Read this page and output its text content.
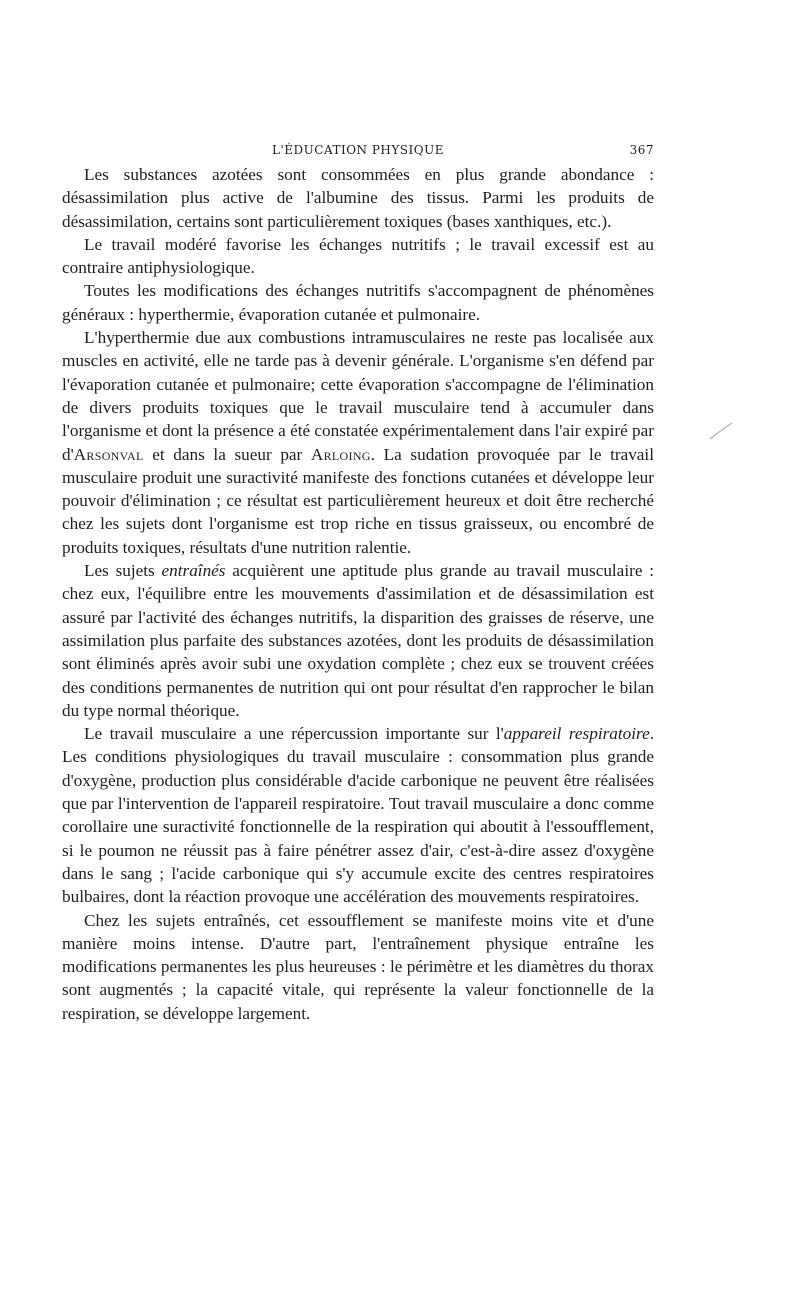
L'ÉDUCATION PHYSIQUE	367

Les substances azotées sont consommées en plus grande abondance : désassimilation plus active de l'albumine des tissus. Parmi les produits de désassimilation, certains sont particulièrement toxiques (bases xanthiques, etc.).

Le travail modéré favorise les échanges nutritifs ; le travail excessif est au contraire antiphysiologique.

Toutes les modifications des échanges nutritifs s'accompagnent de phénomènes généraux : hyperthermie, évaporation cutanée et pulmonaire.

L'hyperthermie due aux combustions intramusculaires ne reste pas localisée aux muscles en activité, elle ne tarde pas à devenir générale. L'organisme s'en défend par l'évaporation cutanée et pulmonaire; cette évaporation s'accompagne de l'élimination de divers produits toxiques que le travail musculaire tend à accumuler dans l'organisme et dont la présence a été constatée expérimentalement dans l'air expiré par d'Arsonval et dans la sueur par Arloing. La sudation provoquée par le travail musculaire produit une suractivité manifeste des fonctions cutanées et développe leur pouvoir d'élimination ; ce résultat est particulièrement heureux et doit être recherché chez les sujets dont l'organisme est trop riche en tissus graisseux, ou encombré de produits toxiques, résultats d'une nutrition ralentie.

Les sujets entraînés acquièrent une aptitude plus grande au travail musculaire : chez eux, l'équilibre entre les mouvements d'assimilation et de désassimilation est assuré par l'activité des échanges nutritifs, la disparition des graisses de réserve, une assimilation plus parfaite des substances azotées, dont les produits de désassimilation sont éliminés après avoir subi une oxydation complète ; chez eux se trouvent créées des conditions permanentes de nutrition qui ont pour résultat d'en rapprocher le bilan du type normal théorique.

Le travail musculaire a une répercussion importante sur l'appareil respiratoire. Les conditions physiologiques du travail musculaire : consommation plus grande d'oxygène, production plus considérable d'acide carbonique ne peuvent être réalisées que par l'intervention de l'appareil respiratoire. Tout travail musculaire a donc comme corollaire une suractivité fonctionnelle de la respiration qui aboutit à l'essoufflement, si le poumon ne réussit pas à faire pénétrer assez d'air, c'est-à-dire assez d'oxygène dans le sang ; l'acide carbonique qui s'y accumule excite des centres respiratoires bulbaires, dont la réaction provoque une accélération des mouvements respiratoires.

Chez les sujets entraînés, cet essoufflement se manifeste moins vite et d'une manière moins intense. D'autre part, l'entraînement physique entraîne les modifications permanentes les plus heureuses : le périmètre et les diamètres du thorax sont augmentés ; la capacité vitale, qui représente la valeur fonctionnelle de la respiration, se développe largement.
